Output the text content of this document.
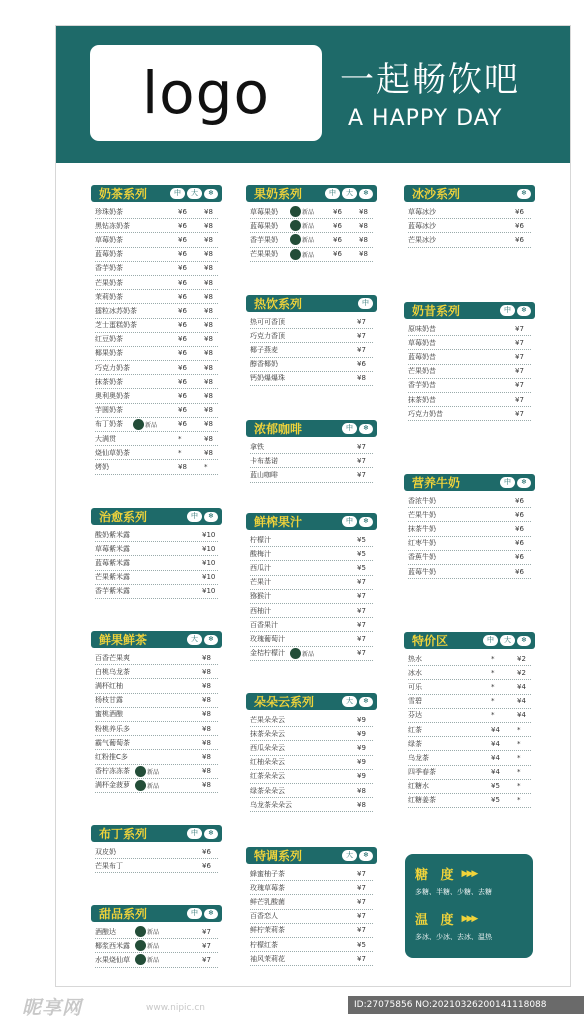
logo 一起畅饮吧
A HAPPY DAY
奶茶系列	中	大	❄
珍珠奶茶	¥6	¥8
黑钻冻奶茶	¥6	¥8
草莓奶茶	¥6	¥8
蓝莓奶茶	¥6	¥8
香芋奶茶	¥6	¥8
芒果奶茶	¥6	¥8
茉莉奶茶	¥6	¥8
擂粒冰苏奶茶	¥6	¥8
芝士蛋糕奶茶	¥6	¥8
红豆奶茶	¥6	¥8
椰果奶茶	¥6	¥8
巧克力奶茶	¥6	¥8
抹茶奶茶	¥6	¥8
奥利奥奶茶	¥6	¥8
芋圆奶茶	¥6	¥8
布丁奶茶	新品	¥6	¥8
大满贯	*	¥8
烧仙草奶茶	*	¥8
烤奶	¥8	*
果奶系列	中	大	❄
草莓果奶	新品	¥6	¥8
蓝莓果奶	新品	¥6	¥8
香芋果奶	新品	¥6	¥8
芒果果奶	新品	¥6	¥8
冰沙系列	❄
草莓冰沙	¥6
蓝莓冰沙	¥6
芒果冰沙	¥6
热饮系列	中
热可可香顶	¥7
巧克力香顶	¥7
椰子燕麦	¥7
醇香椰奶	¥6
钙奶爆爆珠	¥8
奶昔系列	中	❄
原味奶昔	¥7
草莓奶昔	¥7
蓝莓奶昔	¥7
芒果奶昔	¥7
香芋奶昔	¥7
抹茶奶昔	¥7
巧克力奶昔	¥7
浓郁咖啡	中	❄
拿铁	¥7
卡布基诺	¥7
蓝山咖啡	¥7
营养牛奶	中	❄
香浓牛奶	¥6
芒果牛奶	¥6
抹茶牛奶	¥6
红枣牛奶	¥6
香蕉牛奶	¥6
蓝莓牛奶	¥6
治愈系列	中	❄
酸奶紫米露	¥10
草莓紫米露	¥10
蓝莓紫米露	¥10
芒果紫米露	¥10
香芋紫米露	¥10
鲜榨果汁	中	❄
柠檬汁	¥5
酸梅汁	¥5
西瓜汁	¥5
芒果汁	¥7
猕猴汁	¥7
西柚汁	¥7
百香果汁	¥7
玫瑰葡萄汁	¥7
金桔柠檬汁	新品	¥7
鲜果鲜茶	大	❄
百香芒果爽	¥8
白桃乌龙茶	¥8
满杯红柚	¥8
杨枝甘露	¥8
蜜桃酒酿	¥8
粉桃养乐多	¥8
霸气葡萄茶	¥8
红粉推C多	¥8
香柠冻冻茶	新品	¥8
满杯金菠萝	新品	¥8
特价区	中	大	❄
热水	*	¥2
冰水	*	¥2
可乐	*	¥4
雪碧	*	¥4
芬达	*	¥4
红茶	¥4	*
绿茶	¥4	*
乌龙茶	¥4	*
四季春茶	¥4	*
红糖水	¥5	*
红糖姜茶	¥5	*
朵朵云系列	大	❄
芒果朵朵云	¥9
抹茶朵朵云	¥9
西瓜朵朵云	¥9
红柚朵朵云	¥9
红茶朵朵云	¥9
绿茶朵朵云	¥8
乌龙茶朵朵云	¥8
布丁系列	中	❄
双皮奶	¥6
芒果布丁	¥6
特调系列	大	❄
蜂蜜柚子茶	¥7
玫瑰草莓茶	¥7
鲜芒乳酸菌	¥7
百香恋人	¥7
鲜柠茉莉茶	¥7
柠檬红茶	¥5
袖风茉莉花	¥7
甜品系列	中	❄
酒酿达	新品	¥7
椰浆西米露	新品	¥7
水果烧仙草	新品	¥7
糖 度 ▶▶▶
多糖、半糖、少糖、去糖
温 度 ▶▶▶
多冰、少冰、去冰、温热
昵享网	www.nipic.cn	ID:27075856 NO:20210326200141118088
